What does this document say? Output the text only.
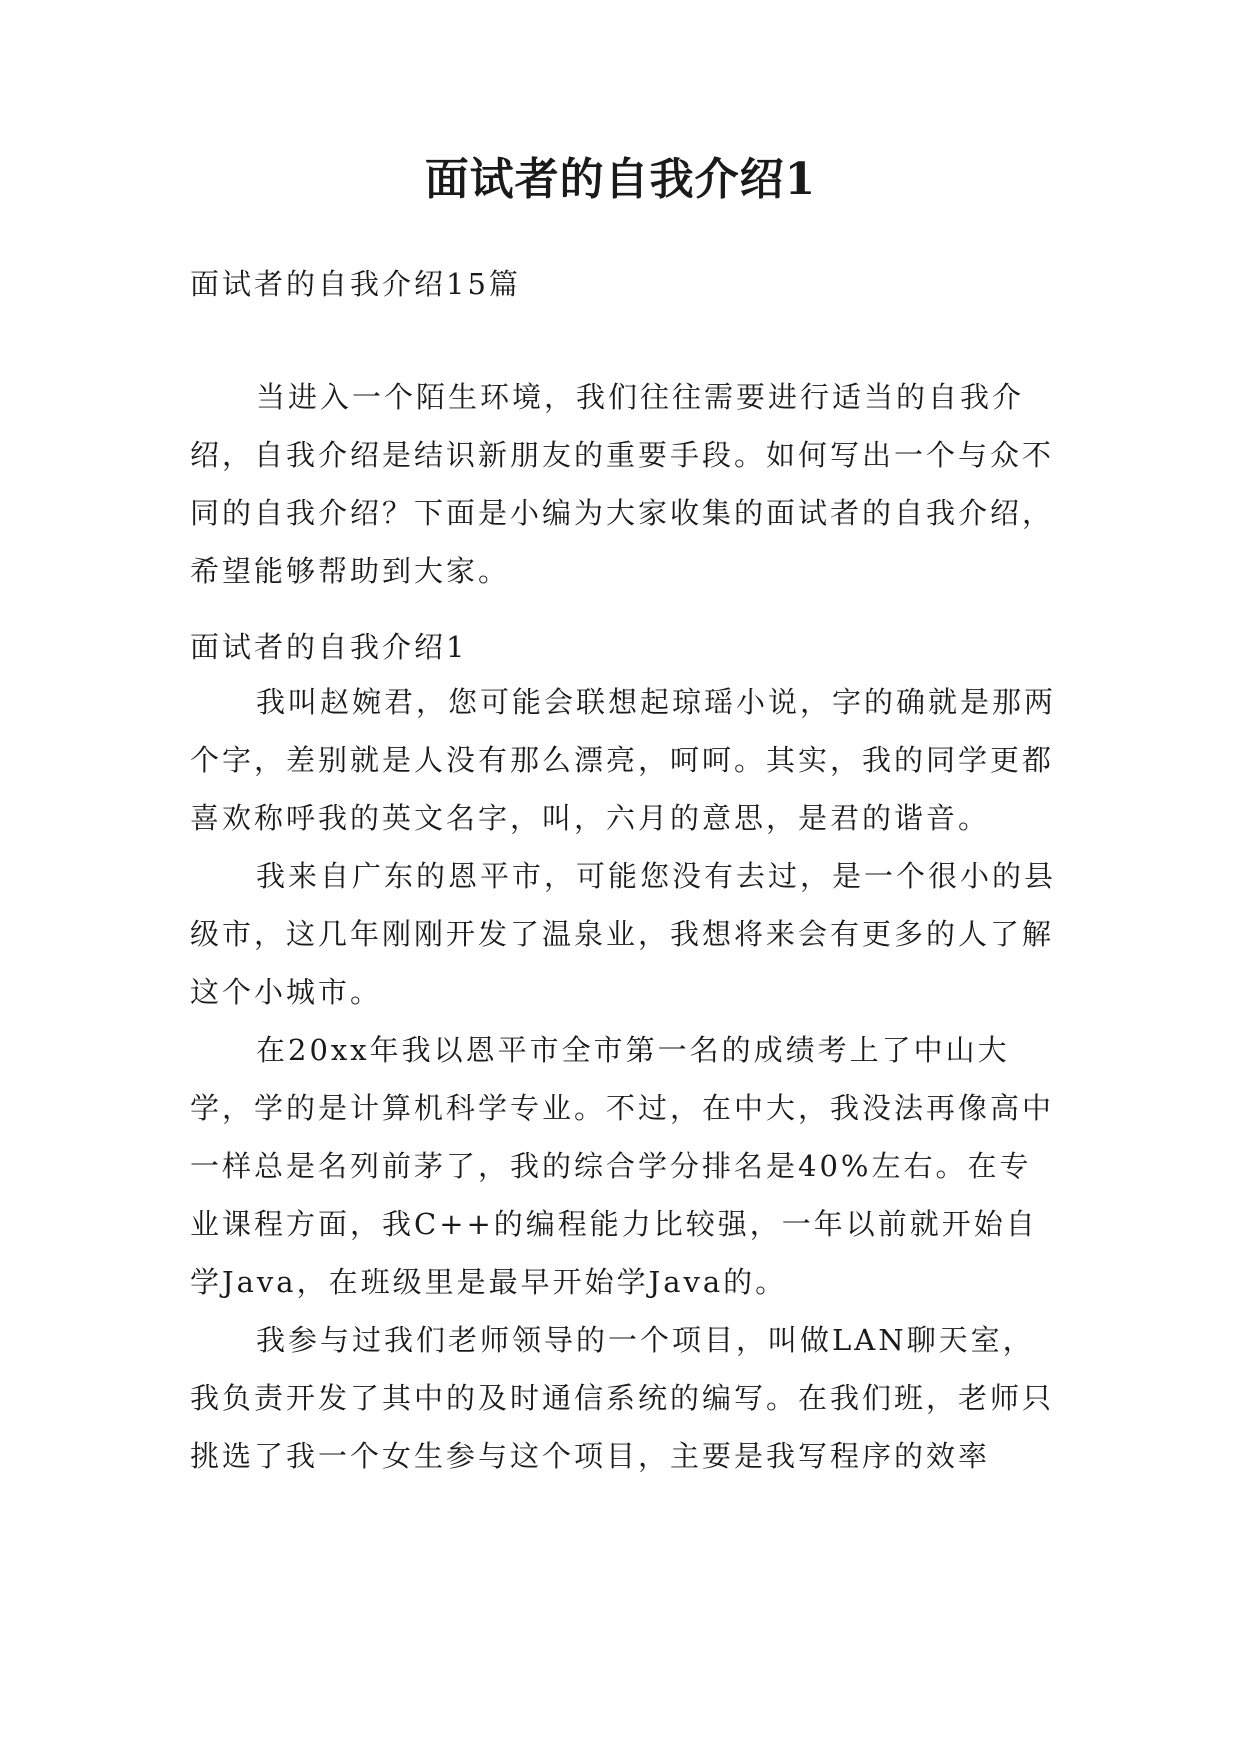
面试者的自我介绍1
面试者的自我介绍15篇

当进入一个陌生环境，我们往往需要进行适当的自我介绍，自我介绍是结识新朋友的重要手段。如何写出一个与众不同的自我介绍？下面是小编为大家收集的面试者的自我介绍，希望能够帮助到大家。

面试者的自我介绍1

我叫赵婉君，您可能会联想起琼瑶小说，字的确就是那两个字，差别就是人没有那么漂亮，呵呵。其实，我的同学更都喜欢称呼我的英文名字，叫，六月的意思，是君的谐音。

我来自广东的恩平市，可能您没有去过，是一个很小的县级市，这几年刚刚开发了温泉业，我想将来会有更多的人了解这个小城市。

在20xx年我以恩平市全市第一名的成绩考上了中山大学，学的是计算机科学专业。不过，在中大，我没法再像高中一样总是名列前茅了，我的综合学分排名是40%左右。在专业课程方面，我C++的编程能力比较强，一年以前就开始自学Java，在班级里是最早开始学Java的。

我参与过我们老师领导的一个项目，叫做LAN聊天室，我负责开发了其中的及时通信系统的编写。在我们班，老师只挑选了我一个女生参与这个项目，主要是我写程序的效率
